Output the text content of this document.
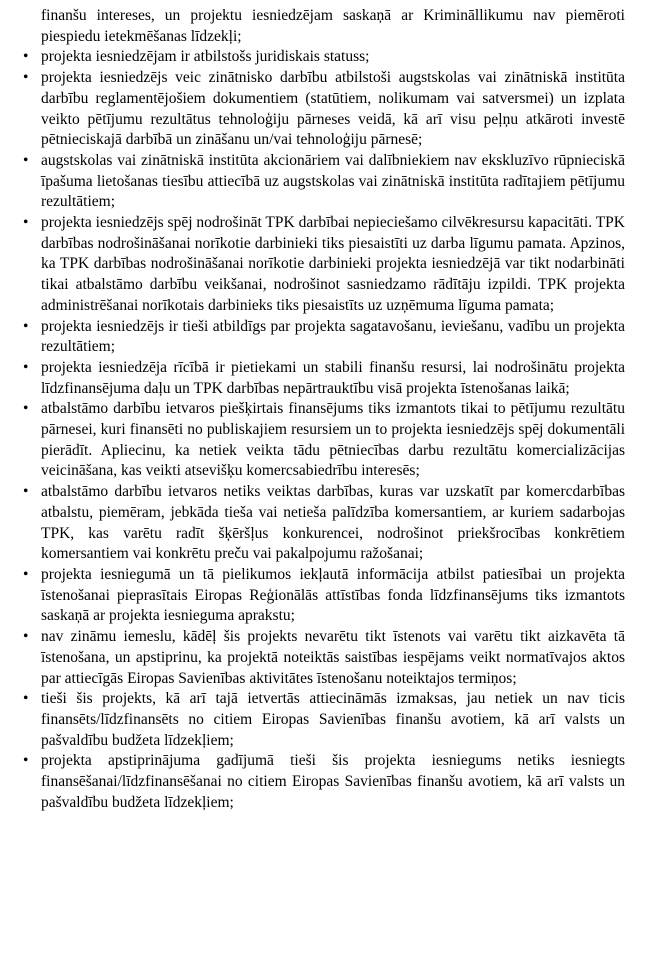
finanšu intereses, un projektu iesniedzējam saskaņā ar Krimināllikumu nav piemēroti piespiedu ietekmēšanas līdzekļi;

• projekta iesniedzējam ir atbilstošs juridiskais statuss;
• projekta iesniedzējs veic zinātnisko darbību atbilstoši augstskolas vai zinātniskā institūta darbību reglamentējošiem dokumentiem (statūtiem, nolikumam vai satversmei) un izplata veikto pētījumu rezultātus tehnoloģiju pārneses veidā, kā arī visu peļņu atkāroti investē pētnieciskajā darbībā un zināšanu un/vai tehnoloģiju pārnesē;
• augstskolas vai zinātniskā institūta akcionāriem vai dalībniekiem nav ekskluzīvo rūpnieciskā īpašuma lietošanas tiesību attiecībā uz augstskolas vai zinātniskā institūta radītajiem pētījumu rezultātiem;
• projekta iesniedzējs spēj nodrošināt TPK darbībai nepieciešamo cilvēkresursu kapacitāti. TPK darbības nodrošināšanai norīkotie darbinieki tiks piesaistīti uz darba līgumu pamata. Apzinos, ka TPK darbības nodrošināšanai norīkotie darbinieki projekta iesniedzējā var tikt nodarbināti tikai atbalstāmo darbību veikšanai, nodrošinot sasniedzamo rādītāju izpildi. TPK projekta administrēšanai norīkotais darbinieks tiks piesaistīts uz uzņēmuma līguma pamata;
• projekta iesniedzējs ir tieši atbildīgs par projekta sagatavošanu, ieviešanu, vadību un projekta rezultātiem;
• projekta iesniedzēja rīcībā ir pietiekami un stabili finanšu resursi, lai nodrošinātu projekta līdzfinansējuma daļu un TPK darbības nepārtrauktību visā projekta īstenošanas laikā;
• atbalstāmo darbību ietvaros piešķirtais finansējums tiks izmantots tikai to pētījumu rezultātu pārnesei, kuri finansēti no publiskajiem resursiem un to projekta iesniedzējs spēj dokumentāli pierādīt. Apliecinu, ka netiek veikta tādu pētniecības darbu rezultātu komercializācijas veicināšana, kas veikti atsevišķu komercsabiedrību interesēs;
• atbalstāmo darbību ietvaros netiks veiktas darbības, kuras var uzskatīt par komercdarbības atbalstu, piemēram, jebkāda tieša vai netieša palīdzība komersantiem, ar kuriem sadarbojas TPK, kas varētu radīt šķēršļus konkurencei, nodrošinot priekšrocības konkrētiem komersantiem vai konkrētu preču vai pakalpojumu ražošanai;
• projekta iesniegumā un tā pielikumos iekļautā informācija atbilst patiesībai un projekta īstenošanai pieprasītais Eiropas Reģionālās attīstības fonda līdzfinansējums tiks izmantots saskaņā ar projekta iesnieguma aprakstu;
• nav zināmu iemeslu, kādēļ šis projekts nevarētu tikt īstenots vai varētu tikt aizkavēta tā īstenošana, un apstiprinu, ka projektā noteiktās saistības iespējams veikt normatīvajos aktos par attiecīgās Eiropas Savienības aktivitātes īstenošanu noteiktajos termiņos;
• tieši šis projekts, kā arī tajā ietvertās attiecināmās izmaksas, jau netiek un nav ticis finansēts/līdzfinansēts no citiem Eiropas Savienības finanšu avotiem, kā arī valsts un pašvaldību budžeta līdzekļiem;
• projekta apstiprinājuma gadījumā tieši šis projekta iesniegums netiks iesniegts finansēšanai/līdzfinansēšanai no citiem Eiropas Savienības finanšu avotiem, kā arī valsts un pašvaldību budžeta līdzekļiem;
